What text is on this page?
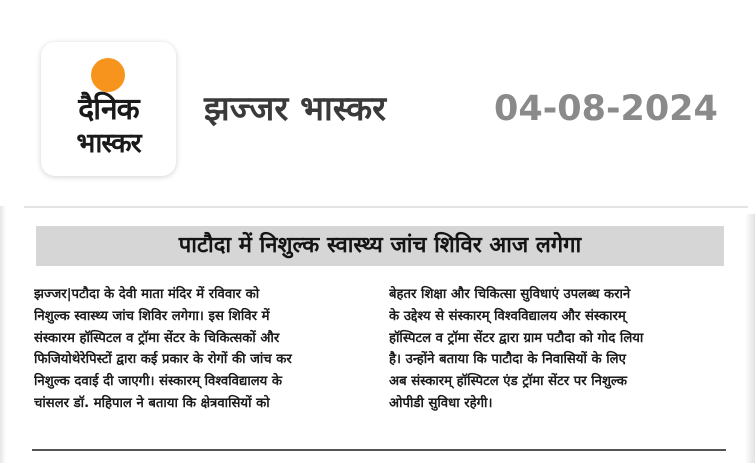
दैनिक
भास्कर
झज्जर भास्कर	04-08-2024
पाटौदा में निशुल्क स्वास्थ्य जांच शिविर आज लगेगा
झज्जर|पटौदा के देवी माता मंदिर में रविवार को
निशुल्क स्वास्थ्य जांच शिविर लगेगा। इस शिविर में
संस्कारम हॉस्पिटल व ट्रॉमा सेंटर के चिकित्सकों और
फिजियोथेरेपिस्टों द्वारा कई प्रकार के रोगों की जांच कर
निशुल्क दवाई दी जाएगी। संस्कारम् विश्वविद्यालय के
चांसलर डॉ. महिपाल ने बताया कि क्षेत्रवासियों को
बेहतर शिक्षा और चिकित्सा सुविधाएं उपलब्ध कराने
के उद्देश्य से संस्कारम् विश्वविद्यालय और संस्कारम्
हॉस्पिटल व ट्रॉमा सेंटर द्वारा ग्राम पटौदा को गोद लिया
है। उन्होंने बताया कि पाटौदा के निवासियों के लिए
अब संस्कारम् हॉस्पिटल एंड ट्रॉमा सेंटर पर निशुल्क
ओपीडी सुविधा रहेगी।
